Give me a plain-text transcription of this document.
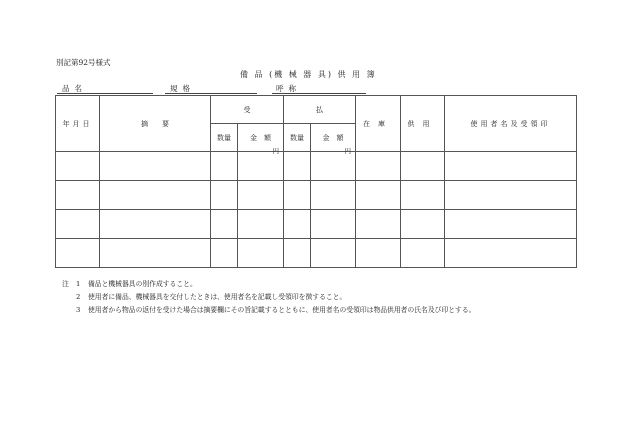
別記第92号様式
備 品 (機 械 器 具) 供 用 簿
品名	規格	呼称
年月日	摘　　要	受		払		在庫	供用	使用者名及受領印
		数量	金　額	数量	金　額			

			円		円			

注 1 備品と機械器具の別作成すること。
2 使用者に備品、機械器具を交付したときは、使用者名を記載し受領印を徴すること。
3 使用者から物品の返付を受けた場合は摘要欄にその旨記載するとともに、使用者名の受領印は物品供用者の氏名及び印とする。
